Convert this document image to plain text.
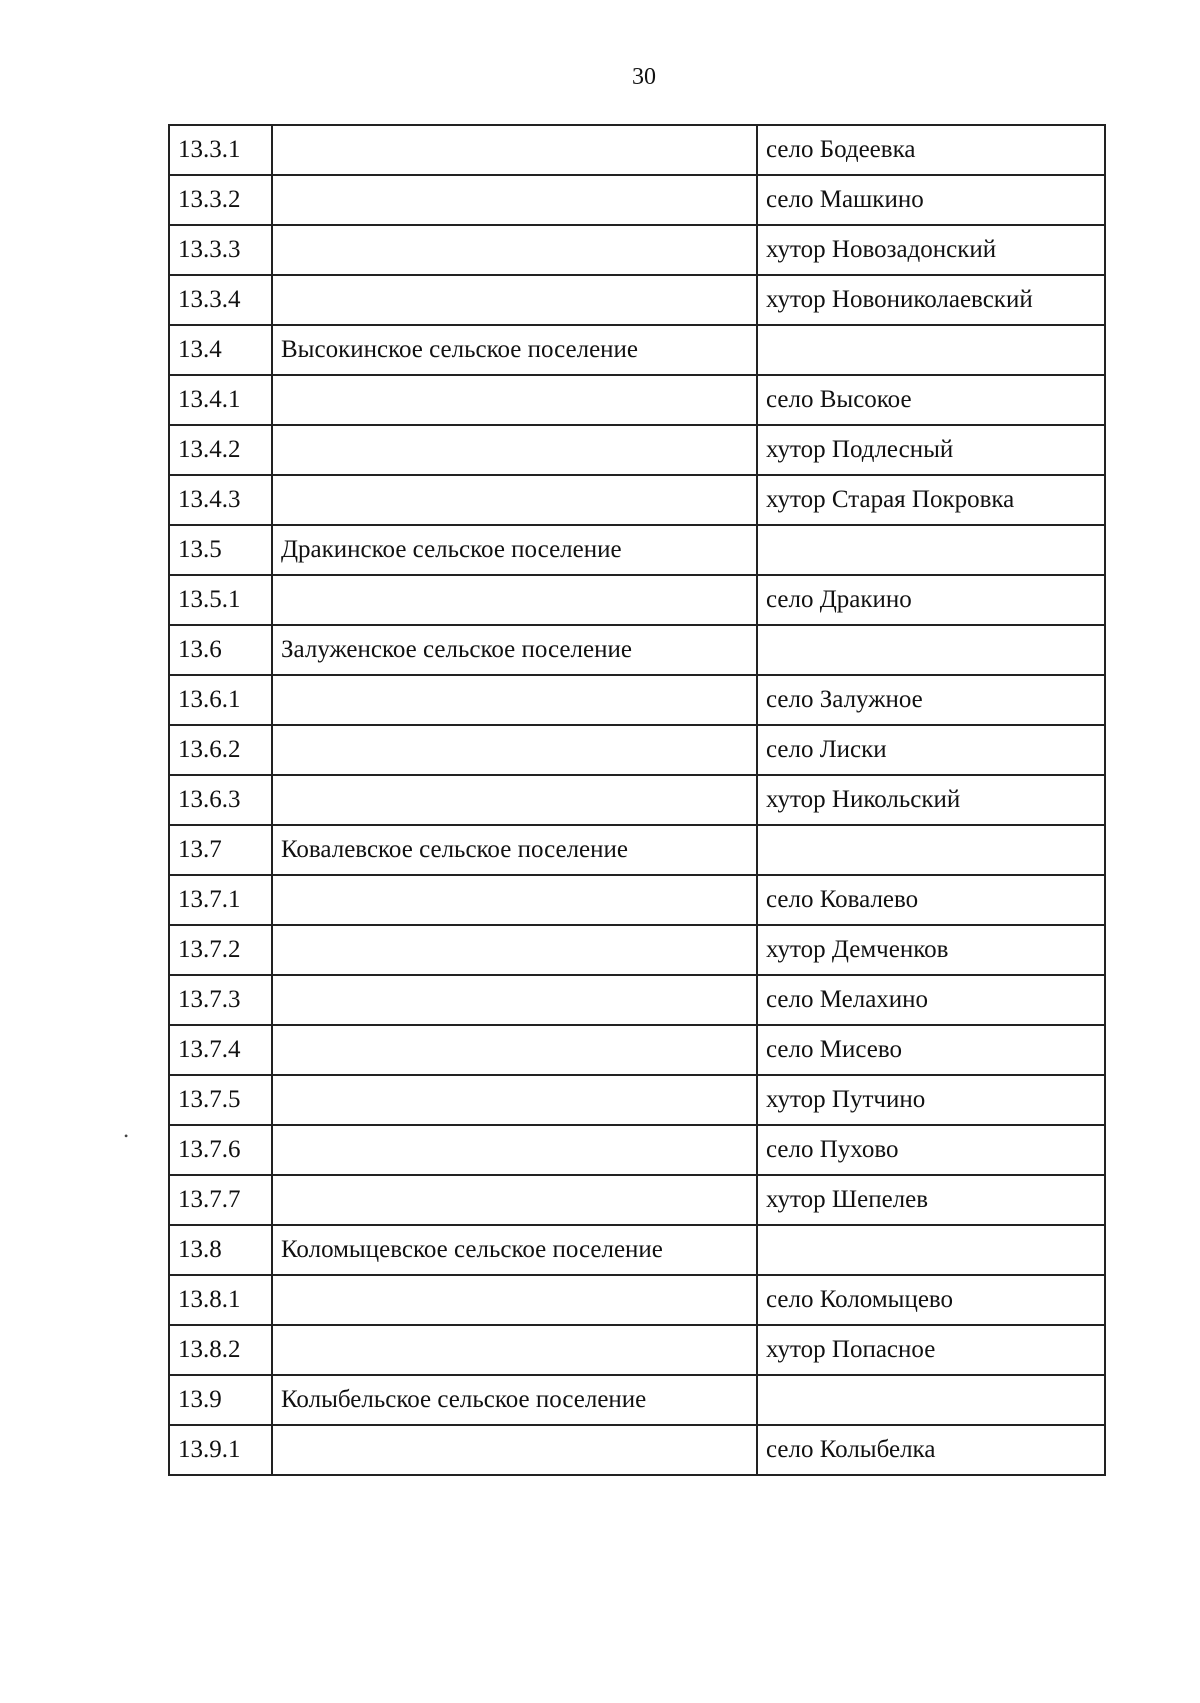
30
13.3.1		село Бодеевка
13.3.2		село Машкино
13.3.3		хутор Новозадонский
13.3.4		хутор Новониколаевский
13.4	Высокинское сельское поселение	
13.4.1		село Высокое
13.4.2		хутор Подлесный
13.4.3		хутор Старая Покровка
13.5	Дракинское сельское поселение	
13.5.1		село Дракино
13.6	Залуженское сельское поселение	
13.6.1		село Залужное
13.6.2		село Лиски
13.6.3		хутор Никольский
13.7	Ковалевское сельское поселение	
13.7.1		село Ковалево
13.7.2		хутор Демченков
13.7.3		село Мелахино
13.7.4		село Мисево
13.7.5		хутор Путчино
13.7.6		село Пухово
13.7.7		хутор Шепелев
13.8	Коломыцевское сельское поселение	
13.8.1		село Коломыцево
13.8.2		хутор Попасное
13.9	Колыбельское сельское поселение	
13.9.1		село Колыбелка
•
